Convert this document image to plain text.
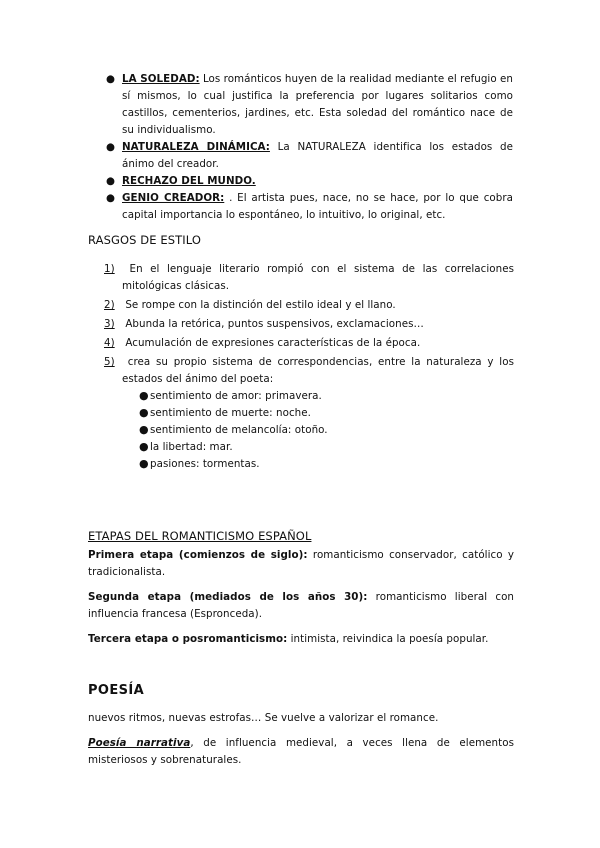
● LA SOLEDAD: Los románticos huyen de la realidad mediante el refugio en sí mismos, lo cual justifica la preferencia por lugares solitarios como castillos, cementerios, jardines, etc. Esta soledad del romántico nace de su individualismo.
● NATURALEZA DINÁMICA: La NATURALEZA identifica los estados de ánimo del creador.
● RECHAZO DEL MUNDO.
● GENIO CREADOR: . El artista pues, nace, no se hace, por lo que cobra capital importancia lo espontáneo, lo intuitivo, lo original, etc.
RASGOS DE ESTILO
1) En el lenguaje literario rompió con el sistema de las correlaciones mitológicas clásicas.
2) Se rompe con la distinción del estilo ideal y el llano.
3) Abunda la retórica, puntos suspensivos, exclamaciones…
4) Acumulación de expresiones características de la época.
5) crea su propio sistema de correspondencias, entre la naturaleza y los estados del ánimo del poeta:
● sentimiento de amor: primavera.
● sentimiento de muerte: noche.
● sentimiento de melancolía: otoño.
● la libertad: mar.
● pasiones: tormentas.
ETAPAS DEL ROMANTICISMO ESPAÑOL

Primera etapa (comienzos de siglo): romanticismo conservador, católico y tradicionalista.

Segunda etapa (mediados de los años 30): romanticismo liberal con influencia francesa (Espronceda).

Tercera etapa o posromanticismo: intimista, reivindica la poesía popular.

POESÍA

nuevos ritmos, nuevas estrofas… Se vuelve a valorizar el romance.

Poesía narrativa, de influencia medieval, a veces llena de elementos misteriosos y sobrenaturales.
